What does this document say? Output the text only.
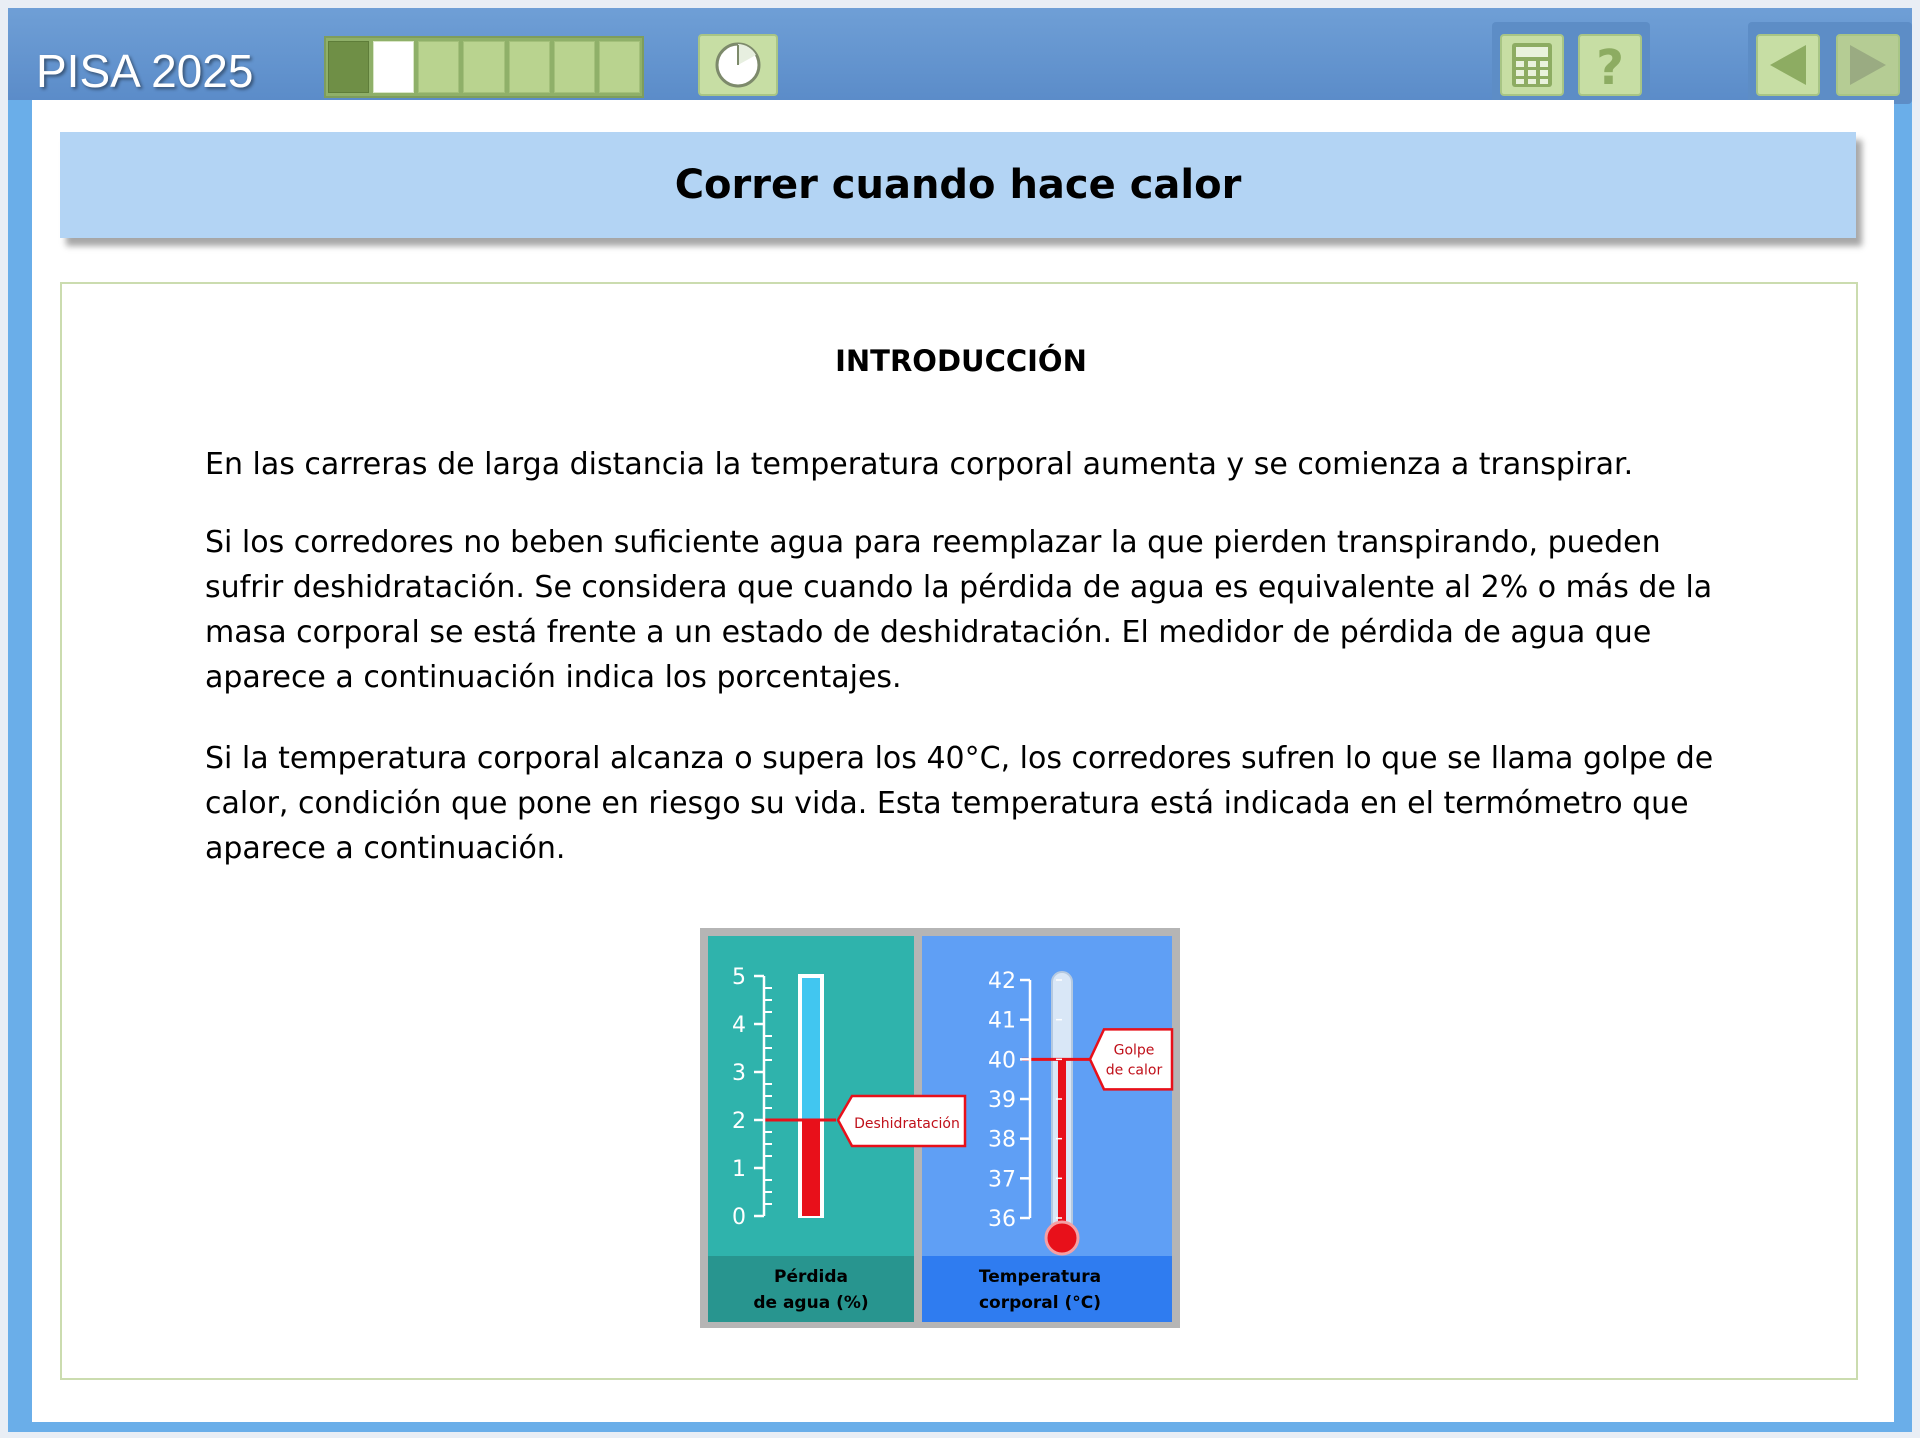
PISA 2025	?
Correr cuando hace calor
INTRODUCCIÓN

En las carreras de larga distancia la temperatura corporal aumenta y se comienza a transpirar.

Si los corredores no beben suficiente agua para reemplazar la que pierden transpirando, pueden sufrir deshidratación. Se considera que cuando la pérdida de agua es equivalente al 2% o más de la masa corporal se está frente a un estado de deshidratación. El medidor de pérdida de agua que aparece a continuación indica los porcentajes.

Si la temperatura corporal alcanza o supera los 40°C, los corredores sufren lo que se llama golpe de calor, condición que pone en riesgo su vida. Esta temperatura está indicada en el termómetro que aparece a continuación.

Pérdida
de agua (%)
Temperatura
corporal (°C)
0
1
2
3
4
5
Deshidratación
36
37
38
39
40
41
42
Golpe
de calor
